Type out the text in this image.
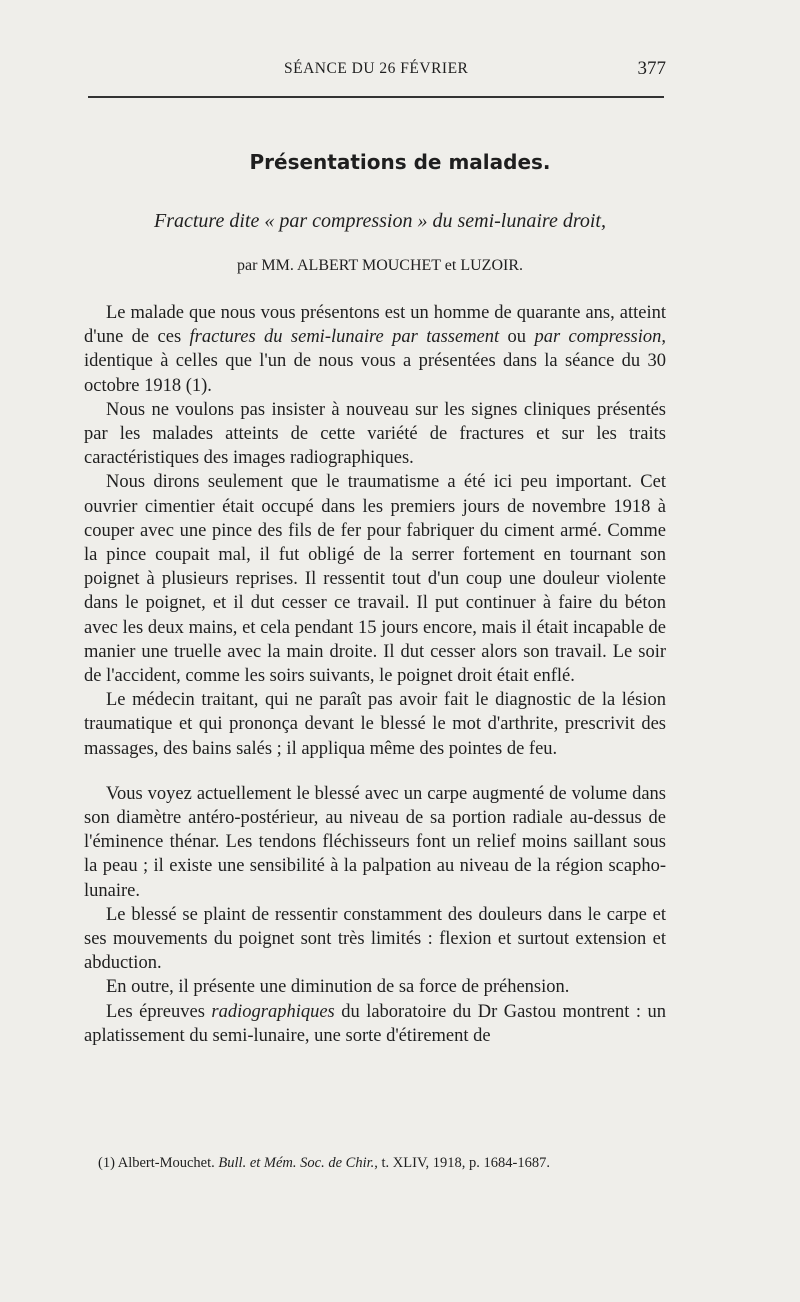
SÉANCE DU 26 FÉVRIER	377
Présentations de malades.
Fracture dite « par compression » du semi-lunaire droit,
par MM. ALBERT MOUCHET et LUZOIR.

Le malade que nous vous présentons est un homme de quarante ans, atteint d'une de ces fractures du semi-lunaire par tassement ou par compression, identique à celles que l'un de nous vous a présentées dans la séance du 30 octobre 1918 (1).

Nous ne voulons pas insister à nouveau sur les signes cliniques présentés par les malades atteints de cette variété de fractures et sur les traits caractéristiques des images radiographiques.

Nous dirons seulement que le traumatisme a été ici peu important. Cet ouvrier cimentier était occupé dans les premiers jours de novembre 1918 à couper avec une pince des fils de fer pour fabriquer du ciment armé. Comme la pince coupait mal, il fut obligé de la serrer fortement en tournant son poignet à plusieurs reprises. Il ressentit tout d'un coup une douleur violente dans le poignet, et il dut cesser ce travail. Il put continuer à faire du béton avec les deux mains, et cela pendant 15 jours encore, mais il était incapable de manier une truelle avec la main droite. Il dut cesser alors son travail. Le soir de l'accident, comme les soirs suivants, le poignet droit était enflé.

Le médecin traitant, qui ne paraît pas avoir fait le diagnostic de la lésion traumatique et qui prononça devant le blessé le mot d'arthrite, prescrivit des massages, des bains salés ; il appliqua même des pointes de feu.

Vous voyez actuellement le blessé avec un carpe augmenté de volume dans son diamètre antéro-postérieur, au niveau de sa portion radiale au-dessus de l'éminence thénar. Les tendons fléchisseurs font un relief moins saillant sous la peau ; il existe une sensibilité à la palpation au niveau de la région scapho-lunaire.

Le blessé se plaint de ressentir constamment des douleurs dans le carpe et ses mouvements du poignet sont très limités : flexion et surtout extension et abduction.

En outre, il présente une diminution de sa force de préhension.

Les épreuves radiographiques du laboratoire du Dr Gastou montrent : un aplatissement du semi-lunaire, une sorte d'étirement de

(1) Albert-Mouchet. Bull. et Mém. Soc. de Chir., t. XLIV, 1918, p. 1684-1687.
